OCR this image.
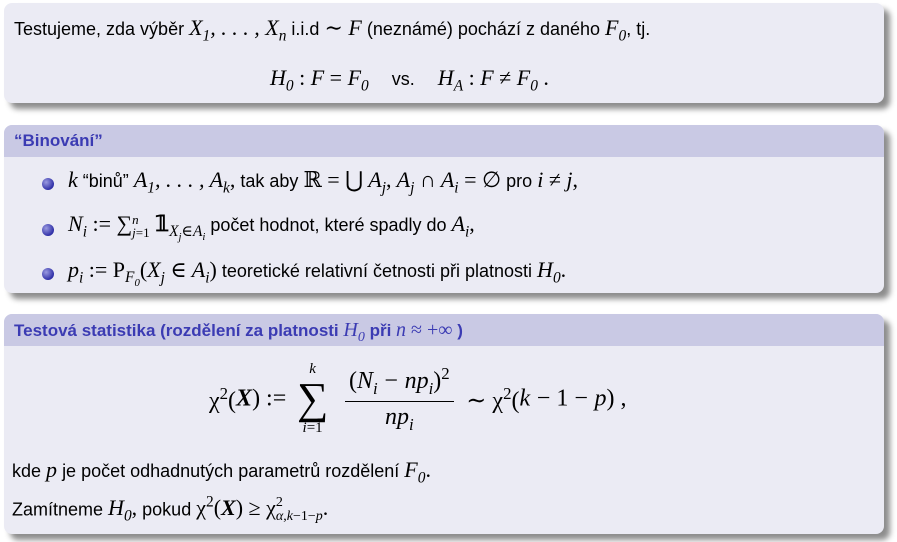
Testujeme, zda výběr $X_1$, . . . , $X_n$ i.i.d ∼ F (neznámé) pochází z daného $F_0$, tj.
$H_0$ : $F = F_0$ vs. $H_A$ : $F \ne F_0$ .
“Binování”
k “binů” $A_1$, . . . , $A_k$, tak aby ℝ = ⋃ $A_j$, $A_j$ ∩ $A_i$ = ∅ pro i ≠ j,
$N_i$ := ∑ n
j=1 $𝟙_{X_j\in A_i}$ počet hodnot, které spadly do $A_i$,
$p_i$ := $P_{F_0}(X_j$ ∈ $A_i$) teoretické relativní četnosti při platnosti $H_0$.
Testová statistika (rozdělení za platnosti $H_0$ při n ≈ +∞ )
$\chi^2(X)$ :=
k
∑
i=1
$\frac{(N_i - np_i)^2}{np_i}$ ∼ $\chi^2(k - 1 - p)$ ,
kde p je počet odhadnutých parametrů rozdělení $F_0$.
Zamítneme $H_0$, pokud $\chi^2(X) \ge \chi$ 2
α,k−1−p .
